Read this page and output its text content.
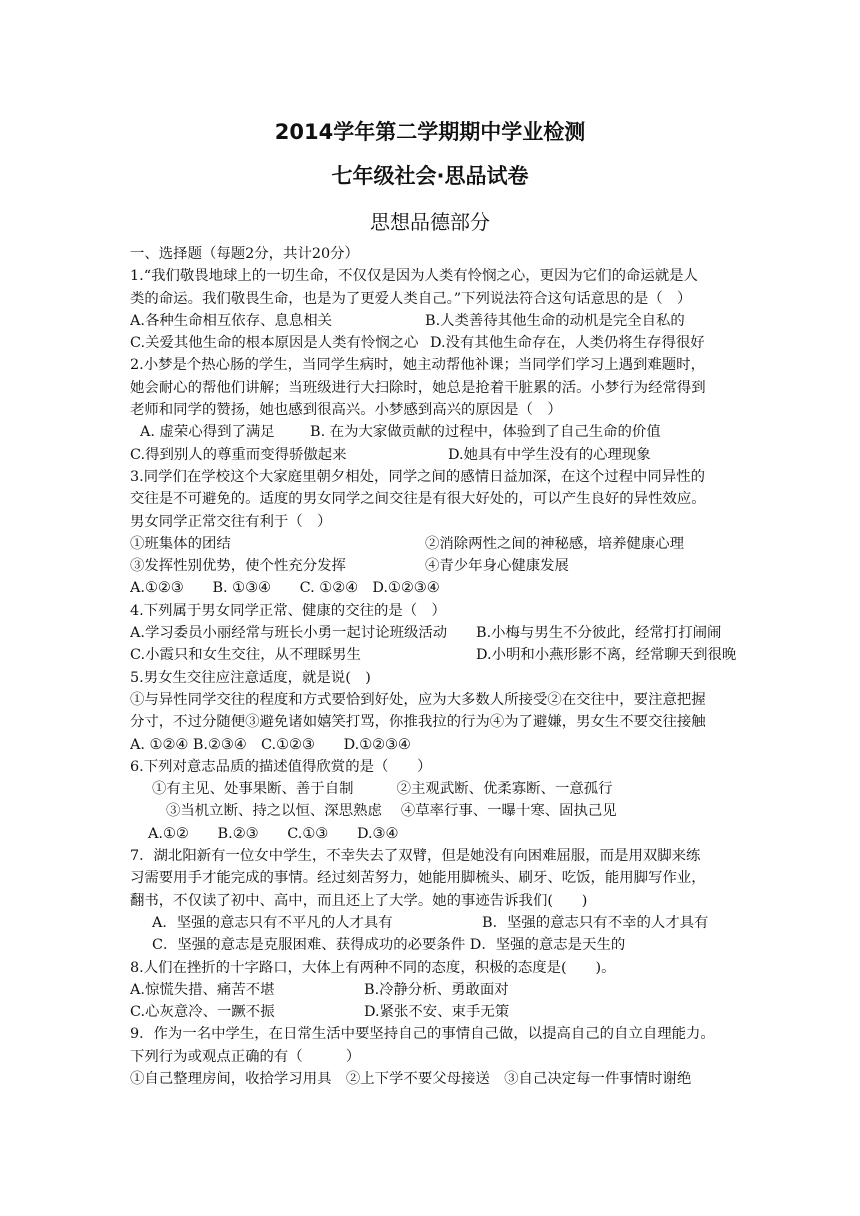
2014学年第二学期期中学业检测
七年级社会·思品试卷
思想品德部分
一、选择题（每题2分，共计20分）
1.“我们敬畏地球上的一切生命，不仅仅是因为人类有怜悯之心，更因为它们的命运就是人
类的命运。我们敬畏生命，也是为了更爱人类自己。”下列说法符合这句话意思的是（　）
A.各种生命相互依存、息息相关	B.人类善待其他生命的动机是完全自私的
C.关爱其他生命的根本原因是人类有怜悯之心 D.没有其他生命存在，人类仍将生存得很好
2.小梦是个热心肠的学生，当同学生病时，她主动帮他补课；当同学们学习上遇到难题时，
她会耐心的帮他们讲解；当班级进行大扫除时，她总是抢着干脏累的活。小梦行为经常得到
老师和同学的赞扬，她也感到很高兴。小梦感到高兴的原因是（　）
A. 虚荣心得到了满足	B. 在为大家做贡献的过程中，体验到了自己生命的价值
C.得到别人的尊重而变得骄傲起来	D.她具有中学生没有的心理现象
3.同学们在学校这个大家庭里朝夕相处，同学之间的感情日益加深，在这个过程中同异性的
交往是不可避免的。适度的男女同学之间交往是有很大好处的，可以产生良好的异性效应。
男女同学正常交往有利于（　）
①班集体的团结	②消除两性之间的神秘感，培养健康心理
③发挥性别优势，使个性充分发挥	④青少年身心健康发展
A.①②③　　B. ①③④　　C. ①②④　D.①②③④
4.下列属于男女同学正常、健康的交往的是（　）
A.学习委员小丽经常与班长小勇一起讨论班级活动	B.小梅与男生不分彼此，经常打打闹闹
C.小霞只和女生交往，从不理睬男生	D.小明和小燕形影不离，经常聊天到很晚
5.男女生交往应注意适度，就是说(　)
①与异性同学交往的程度和方式要恰到好处，应为大多数人所接受②在交往中，要注意把握
分寸，不过分随便③避免诸如嬉笑打骂，你推我拉的行为④为了避嫌，男女生不要交往接触
A. ①②④ B.②③④　C.①②③　　D.①②③④
6.下列对意志品质的描述值得欣赏的是（　　）
①有主见、处事果断、善于自制　　　②主观武断、优柔寡断、一意孤行
③当机立断、持之以恒、深思熟虑　 ④草率行事、一曝十寒、固执己见
A.①②　　B.②③　　C.①③　　D.③④
7．湖北阳新有一位女中学生，不幸失去了双臂，但是她没有向困难屈服，而是用双脚来练
习需要用手才能完成的事情。经过刻苦努力，她能用脚梳头、刷牙、吃饭，能用脚写作业，
翻书，不仅读了初中、高中，而且还上了大学。她的事迹告诉我们(　　)
A．坚强的意志只有不平凡的人才具有	B．坚强的意志只有不幸的人才具有
C．坚强的意志是克服困难、获得成功的必要条件 D．坚强的意志是天生的
8.人们在挫折的十字路口，大体上有两种不同的态度，积极的态度是(　　)。
A.惊慌失措、痛苦不堪	B.冷静分析、勇敢面对
C.心灰意冷、一蹶不振	D.紧张不安、束手无策
9．作为一名中学生，在日常生活中要坚持自己的事情自己做，以提高自己的自立自理能力。
下列行为或观点正确的有（　　　）
①自己整理房间，收拾学习用具　②上下学不要父母接送　③自己决定每一件事情时谢绝
